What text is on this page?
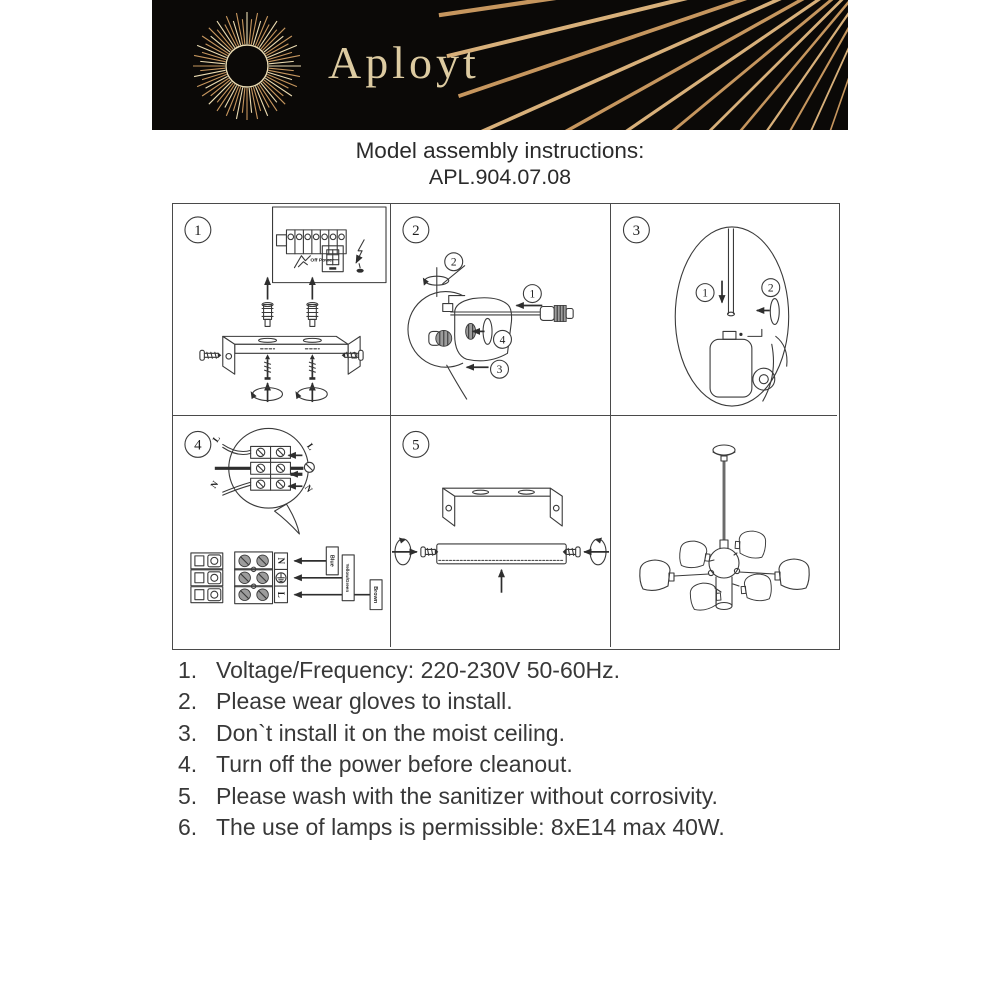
Aployt
Model assembly instructions:
APL.904.07.08
1
Off Power
2
2
1
4
3
3
1	2
4 L
N
L
N
N
L
Blue
Yellow/Green
Brown
5
1. Voltage/Frequency: 220-230V 50-60Hz.
2. Please wear gloves to install.
3. Don`t install it on the moist ceiling.
4. Turn off the power before cleanout.
5. Please wash with the sanitizer without corrosivity.
6. The use of lamps is permissible: 8xE14 max 40W.
